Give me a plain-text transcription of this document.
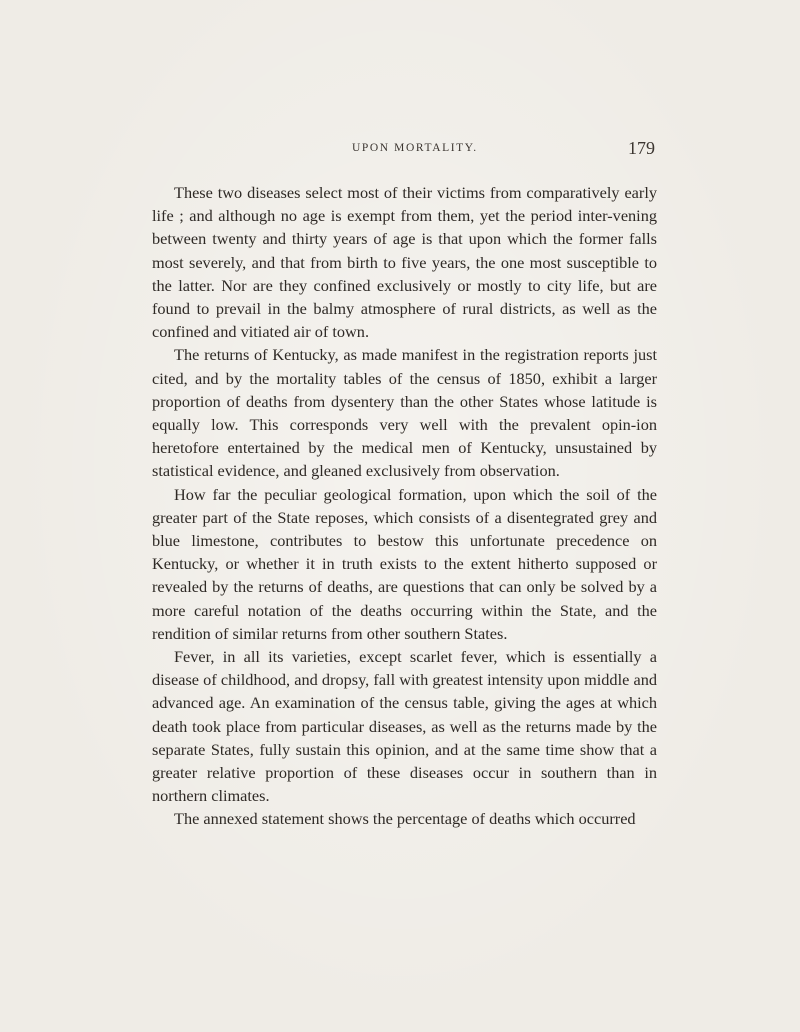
UPON MORTALITY.	179

These two diseases select most of their victims from comparatively early life ; and although no age is exempt from them, yet the period inter-vening between twenty and thirty years of age is that upon which the former falls most severely, and that from birth to five years, the one most susceptible to the latter. Nor are they confined exclusively or mostly to city life, but are found to prevail in the balmy atmosphere of rural districts, as well as the confined and vitiated air of town.

The returns of Kentucky, as made manifest in the registration reports just cited, and by the mortality tables of the census of 1850, exhibit a larger proportion of deaths from dysentery than the other States whose latitude is equally low. This corresponds very well with the prevalent opin-ion heretofore entertained by the medical men of Kentucky, unsustained by statistical evidence, and gleaned exclusively from observation.

How far the peculiar geological formation, upon which the soil of the greater part of the State reposes, which consists of a disentegrated grey and blue limestone, contributes to bestow this unfortunate precedence on Kentucky, or whether it in truth exists to the extent hitherto supposed or revealed by the returns of deaths, are questions that can only be solved by a more careful notation of the deaths occurring within the State, and the rendition of similar returns from other southern States.

Fever, in all its varieties, except scarlet fever, which is essentially a disease of childhood, and dropsy, fall with greatest intensity upon middle and advanced age. An examination of the census table, giving the ages at which death took place from particular diseases, as well as the returns made by the separate States, fully sustain this opinion, and at the same time show that a greater relative proportion of these diseases occur in southern than in northern climates.

The annexed statement shows the percentage of deaths which occurred
